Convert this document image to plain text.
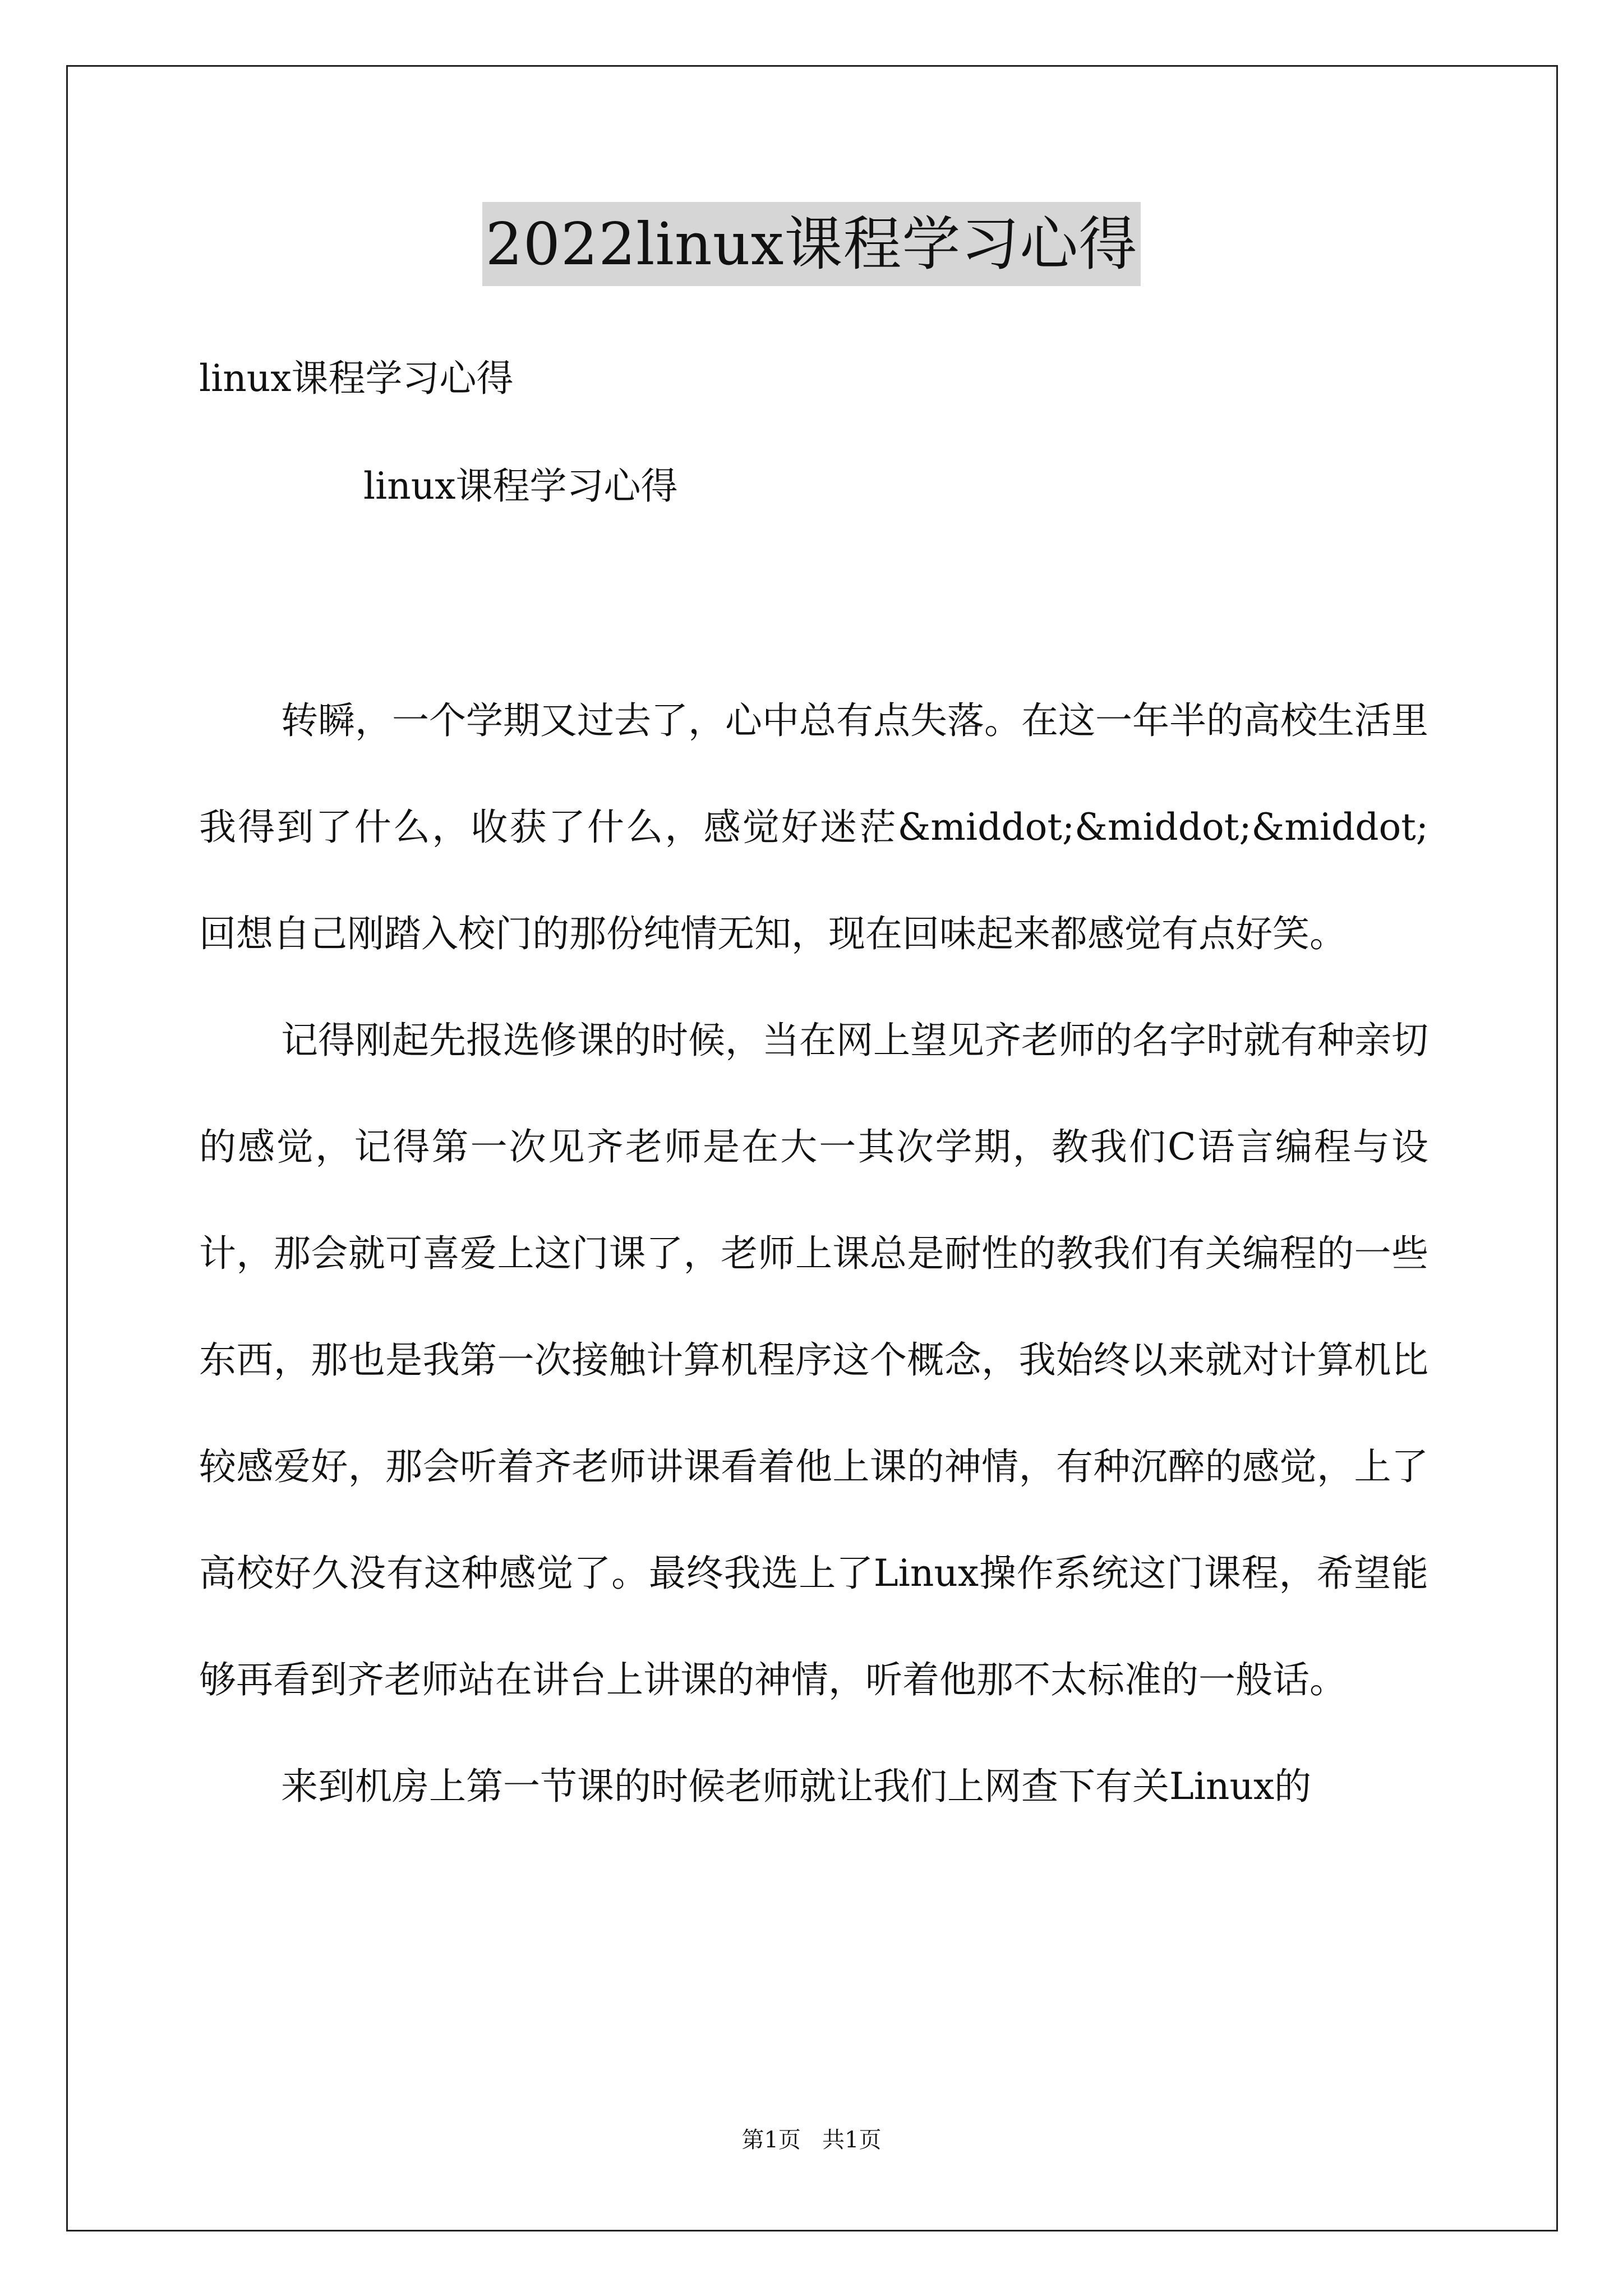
2022linux课程学习心得
linux课程学习心得
linux课程学习心得

转瞬，一个学期又过去了，心中总有点失落。在这一年半的高校生活里我得到了什么，收获了什么，感觉好迷茫&middot;&middot;&middot;回想自己刚踏入校门的那份纯情无知，现在回味起来都感觉有点好笑。

记得刚起先报选修课的时候，当在网上望见齐老师的名字时就有种亲切的感觉，记得第一次见齐老师是在大一其次学期，教我们C语言编程与设计，那会就可喜爱上这门课了，老师上课总是耐性的教我们有关编程的一些东西，那也是我第一次接触计算机程序这个概念，我始终以来就对计算机比较感爱好，那会听着齐老师讲课看着他上课的神情，有种沉醉的感觉，上了高校好久没有这种感觉了。最终我选上了Linux操作系统这门课程，希望能够再看到齐老师站在讲台上讲课的神情，听着他那不太标准的一般话。

来到机房上第一节课的时候老师就让我们上网查下有关Linux的

第1页   共1页
